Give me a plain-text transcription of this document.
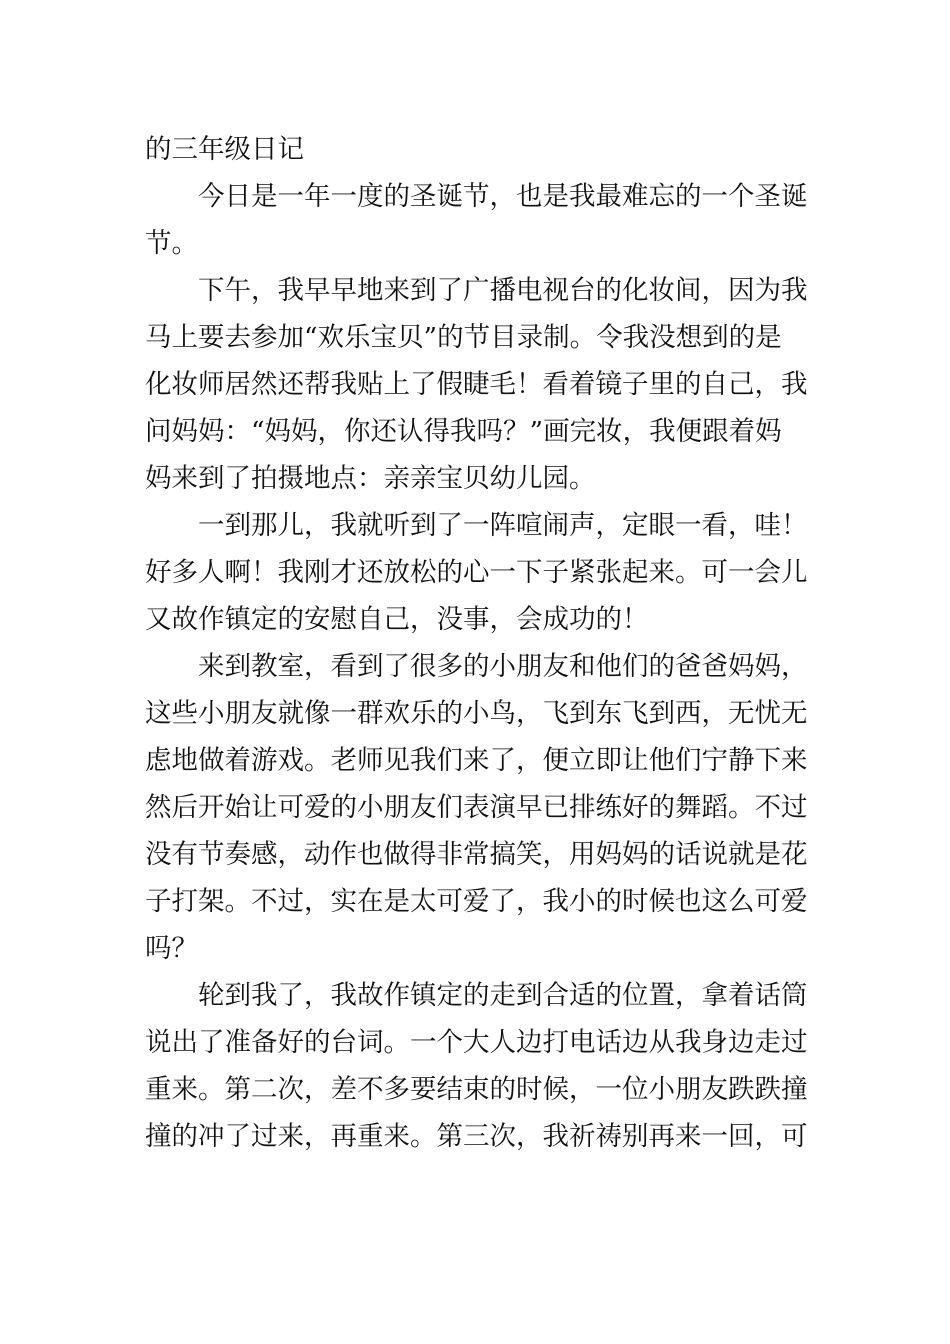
的三年级日记
今日是一年一度的圣诞节，也是我最难忘的一个圣诞
节。
下午，我早早地来到了广播电视台的化妆间，因为我
马上要去参加“欢乐宝贝”的节目录制。令我没想到的是
化妆师居然还帮我贴上了假睫毛！看着镜子里的自己，我
问妈妈：“妈妈，你还认得我吗？”画完妆，我便跟着妈
妈来到了拍摄地点：亲亲宝贝幼儿园。
一到那儿，我就听到了一阵喧闹声，定眼一看，哇！
好多人啊！我刚才还放松的心一下子紧张起来。可一会儿
又故作镇定的安慰自己，没事，会成功的！
来到教室，看到了很多的小朋友和他们的爸爸妈妈，
这些小朋友就像一群欢乐的小鸟，飞到东飞到西，无忧无
虑地做着游戏。老师见我们来了，便立即让他们宁静下来
然后开始让可爱的小朋友们表演早已排练好的舞蹈。不过
没有节奏感，动作也做得非常搞笑，用妈妈的话说就是花
子打架。不过，实在是太可爱了，我小的时候也这么可爱
吗？
轮到我了，我故作镇定的走到合适的位置，拿着话筒
说出了准备好的台词。一个大人边打电话边从我身边走过
重来。第二次，差不多要结束的时候，一位小朋友跌跌撞
撞的冲了过来，再重来。第三次，我祈祷别再来一回，可
